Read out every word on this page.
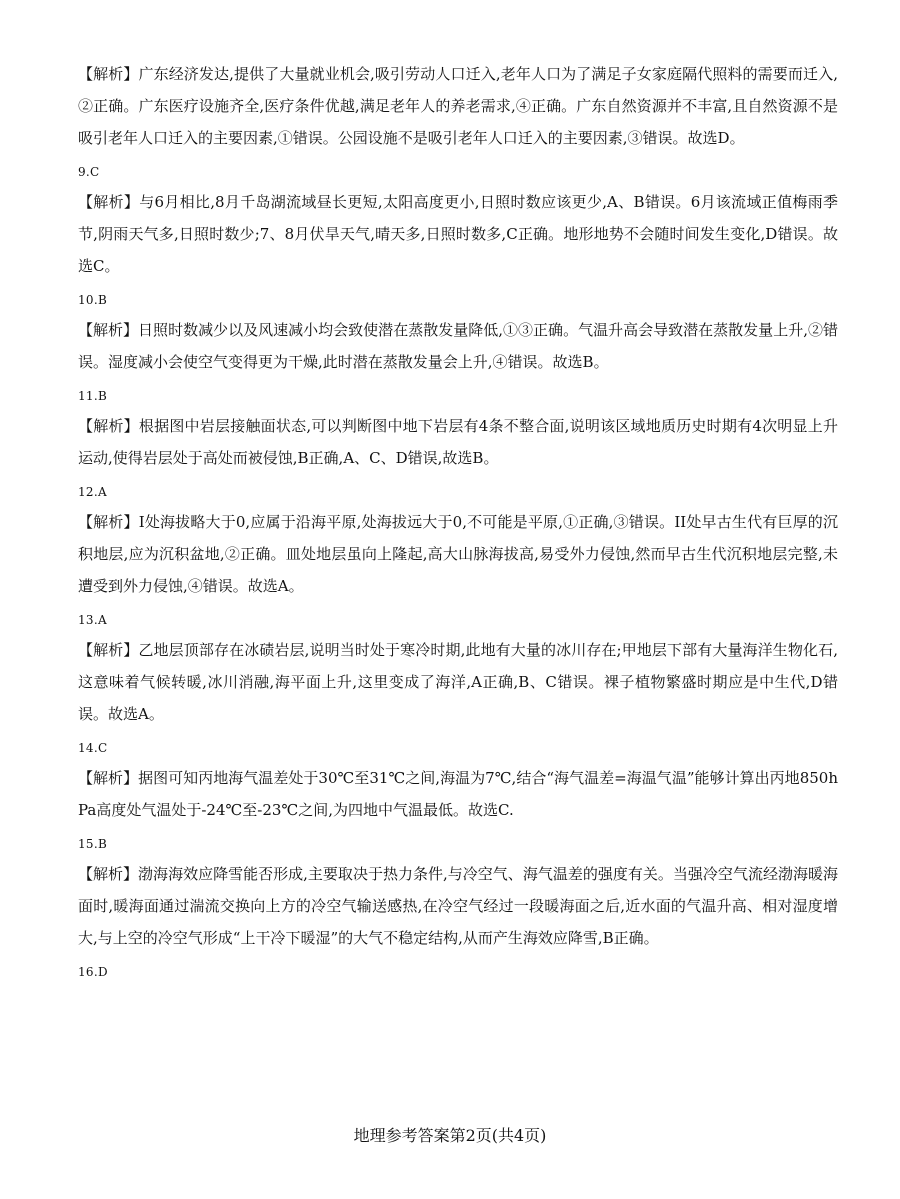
【解析】广东经济发达,提供了大量就业机会,吸引劳动人口迁入,老年人口为了满足子女家庭隔代照料的需要而迁入,②正确。广东医疗设施齐全,医疗条件优越,满足老年人的养老需求,④正确。广东自然资源并不丰富,且自然资源不是吸引老年人口迁入的主要因素,①错误。公园设施不是吸引老年人口迁入的主要因素,③错误。故选D。

9.C

【解析】与6月相比,8月千岛湖流域昼长更短,太阳高度更小,日照时数应该更少,A、B错误。6月该流域正值梅雨季节,阴雨天气多,日照时数少;7、8月伏旱天气,晴天多,日照时数多,C正确。地形地势不会随时间发生变化,D错误。故选C。

10.B

【解析】日照时数减少以及风速减小均会致使潜在蒸散发量降低,①③正确。气温升高会导致潜在蒸散发量上升,②错误。湿度减小会使空气变得更为干燥,此时潜在蒸散发量会上升,④错误。故选B。

11.B

【解析】根据图中岩层接触面状态,可以判断图中地下岩层有4条不整合面,说明该区域地质历史时期有4次明显上升运动,使得岩层处于高处而被侵蚀,B正确,A、C、D错误,故选B。

12.A

【解析】I处海拔略大于0,应属于沿海平原,处海拔远大于0,不可能是平原,①正确,③错误。II处早古生代有巨厚的沉积地层,应为沉积盆地,②正确。皿处地层虽向上隆起,高大山脉海拔高,易受外力侵蚀,然而早古生代沉积地层完整,未遭受到外力侵蚀,④错误。故选A。

13.A

【解析】乙地层顶部存在冰碛岩层,说明当时处于寒冷时期,此地有大量的冰川存在;甲地层下部有大量海洋生物化石,这意味着气候转暖,冰川消融,海平面上升,这里变成了海洋,A正确,B、C错误。裸子植物繁盛时期应是中生代,D错误。故选A。

14.C

【解析】据图可知丙地海气温差处于30℃至31℃之间,海温为7℃,结合“海气温差=海温气温”能够计算出丙地850hPa高度处气温处于-24℃至-23℃之间,为四地中气温最低。故选C.

15.B

【解析】渤海海效应降雪能否形成,主要取决于热力条件,与冷空气、海气温差的强度有关。当强冷空气流经渤海暖海面时,暖海面通过湍流交换向上方的冷空气输送感热,在冷空气经过一段暖海面之后,近水面的气温升高、相对湿度增大,与上空的冷空气形成“上干冷下暖湿”的大气不稳定结构,从而产生海效应降雪,B正确。

16.D
地理参考答案第2页(共4页)
